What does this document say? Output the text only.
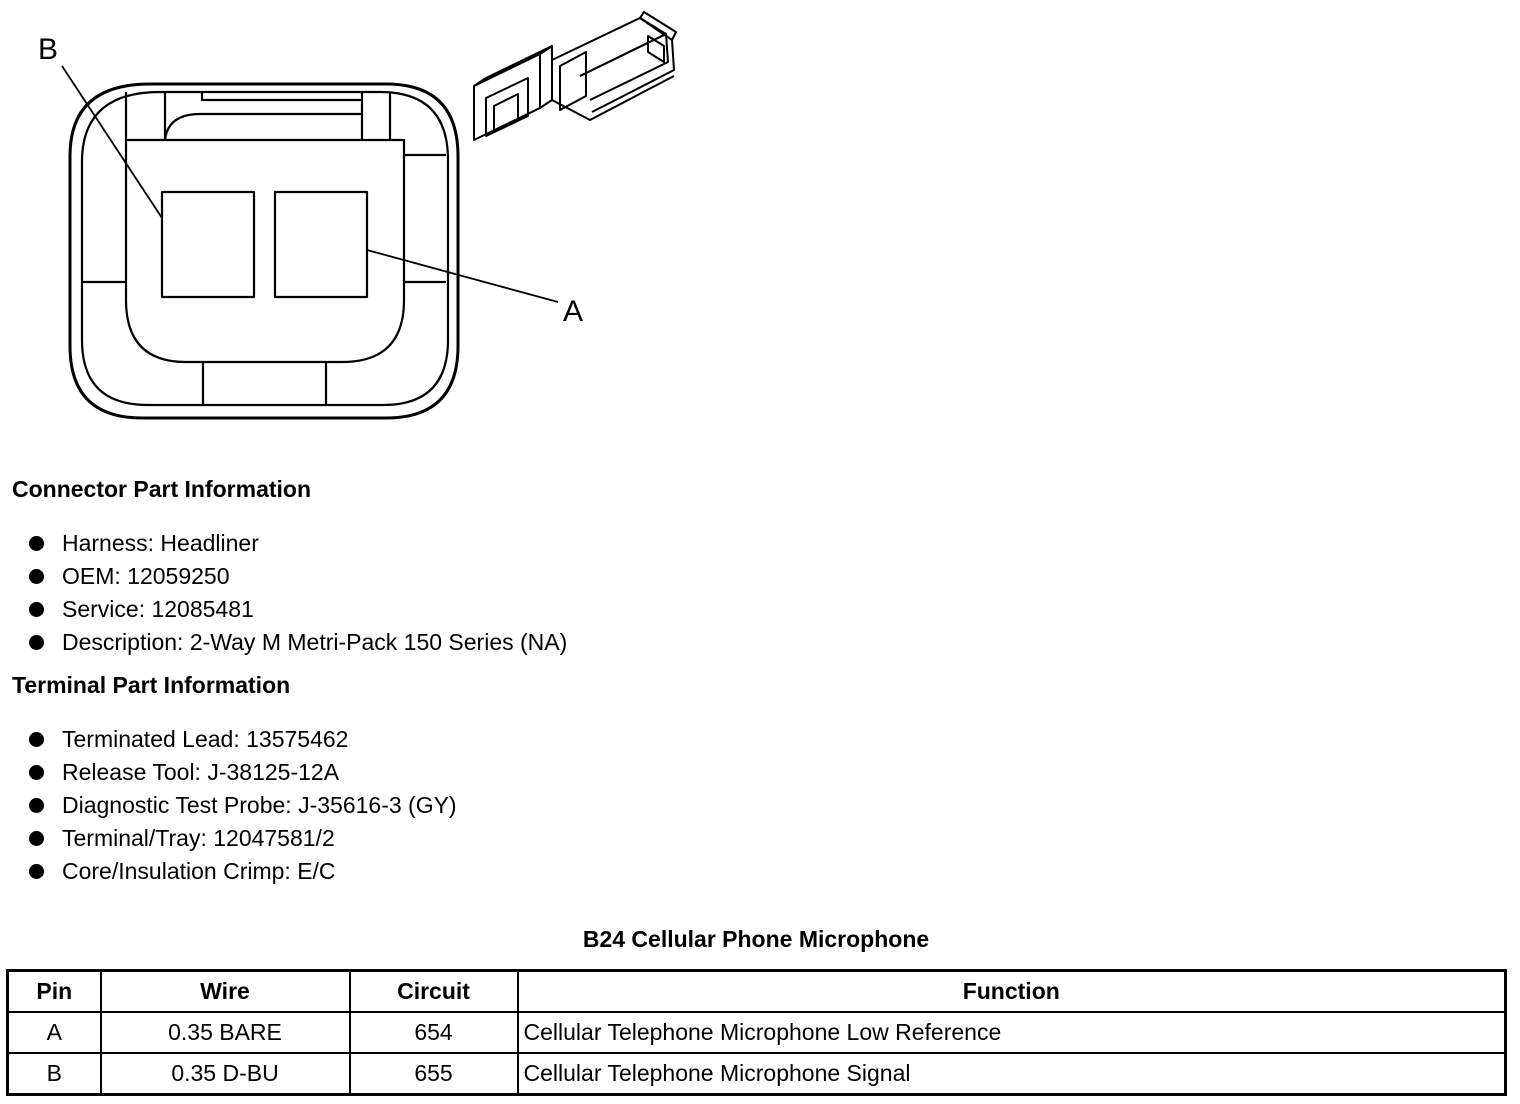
B
A
Connector Part Information
Harness: Headliner
OEM: 12059250
Service: 12085481
Description: 2-Way M Metri-Pack 150 Series (NA)
Terminal Part Information
Terminated Lead: 13575462
Release Tool: J-38125-12A
Diagnostic Test Probe: J-35616-3 (GY)
Terminal/Tray: 12047581/2
Core/Insulation Crimp: E/C
B24 Cellular Phone Microphone
Pin	Wire	Circuit	Function
A	0.35 BARE	654	Cellular Telephone Microphone Low Reference
B	0.35 D-BU	655	Cellular Telephone Microphone Signal
